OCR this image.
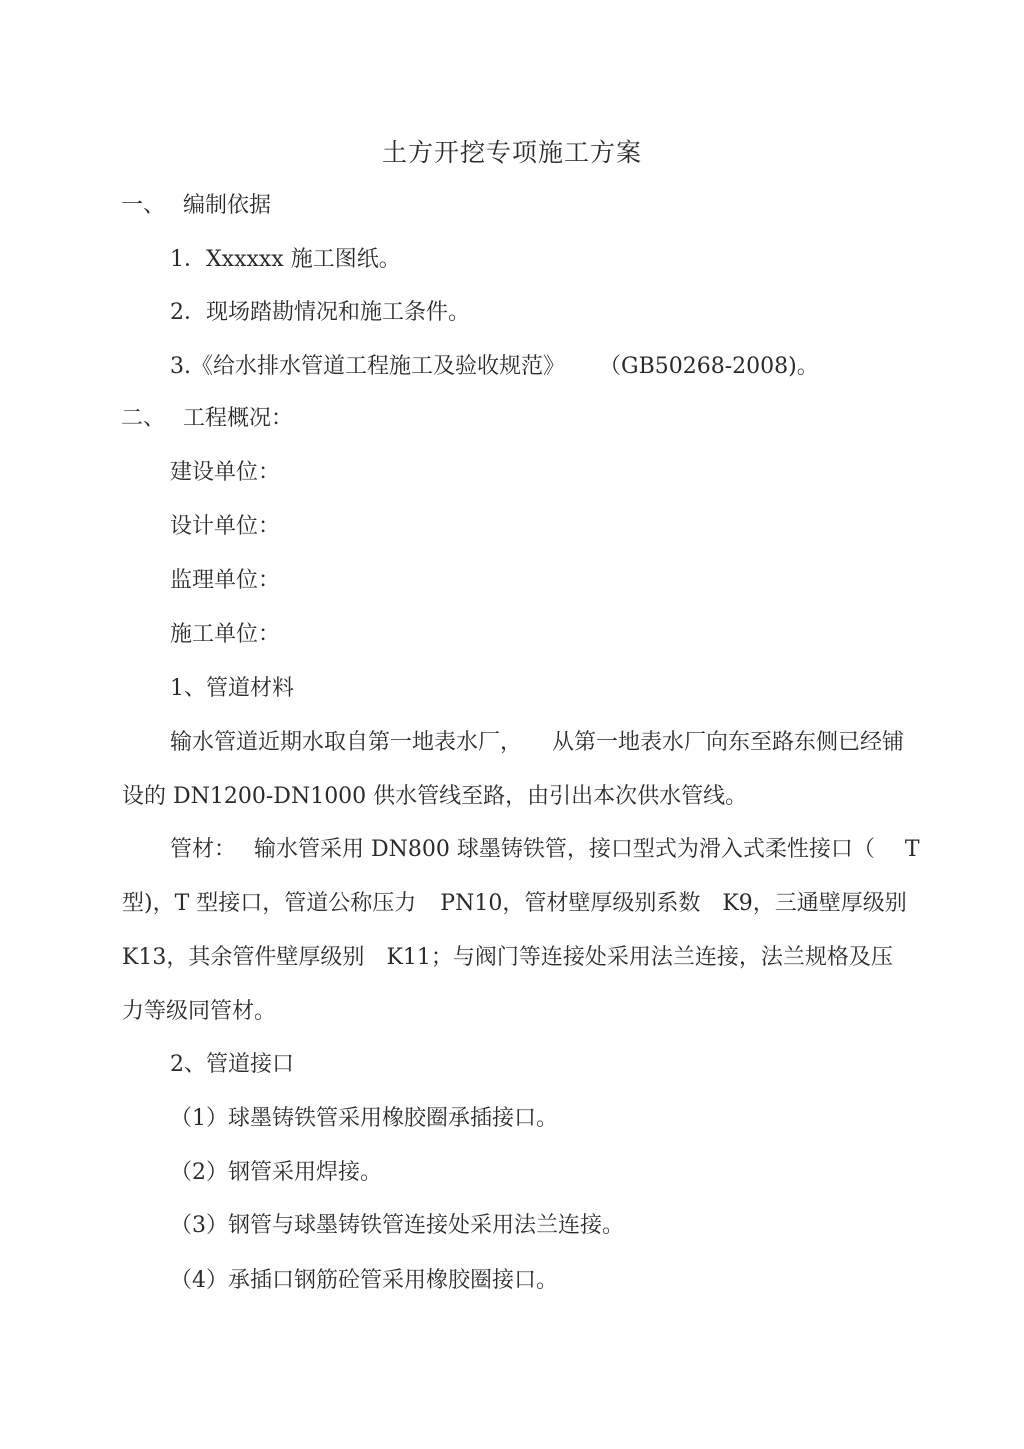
土方开挖专项施工方案
一、 编制依据
1．Xxxxxx 施工图纸。
2．现场踏勘情况和施工条件。
3.《给水排水管道工程施工及验收规范》 （GB50268-2008)。
二、 工程概况：
建设单位：
设计单位：
监理单位：
施工单位：
1、管道材料
输水管道近期水取自第一地表水厂， 从第一地表水厂向东至路东侧已经铺
设的 DN1200-DN1000 供水管线至路，由引出本次供水管线。
管材： 输水管采用 DN800 球墨铸铁管，接口型式为滑入式柔性接口（ T
型)，T 型接口，管道公称压力 PN10，管材壁厚级别系数 K9，三通壁厚级别
K13，其余管件壁厚级别 K11；与阀门等连接处采用法兰连接，法兰规格及压
力等级同管材。
2、管道接口
（1）球墨铸铁管采用橡胶圈承插接口。
（2）钢管采用焊接。
（3）钢管与球墨铸铁管连接处采用法兰连接。
（4）承插口钢筋砼管采用橡胶圈接口。
